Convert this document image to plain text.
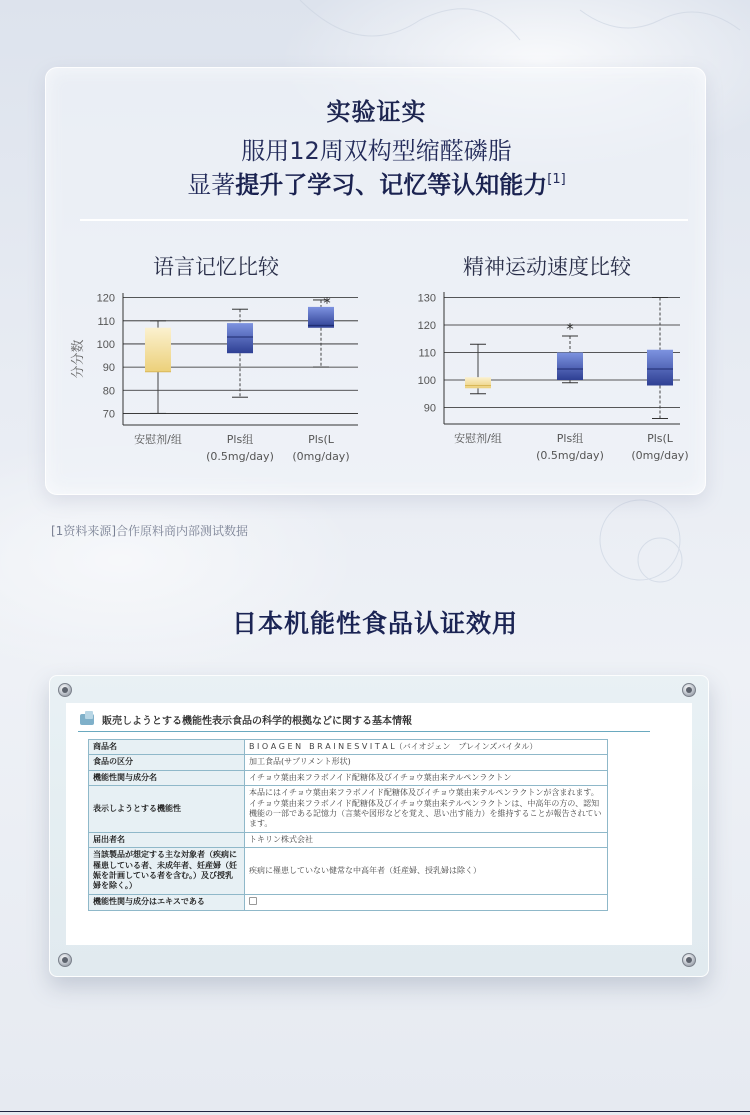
实验证实
服用12周双构型缩醛磷脂
显著提升了学习、记忆等认知能力[1]
语言记忆比较	精神运动速度比较
120
110
100
90
80
70
分分数
安慰剂/组	Pls组
(0.5mg/day)
Pls(L
(0mg/day)
*	130
120
110
100
90
安慰剂/组	Pls组
(0.5mg/day)
Pls(L
(0mg/day)
*
[1资料来源]合作原料商内部测试数据
日本机能性食品认证效用
販売しようとする機能性表示食品の科学的根拠などに関する基本情報
商品名	B I O A G E N　B R A I N E S V I T A L（バイオジェン　ブレインズバイタル）
食品の区分	加工食品(サプリメント形状)
機能性関与成分名	イチョウ葉由来フラボノイド配糖体及びイチョウ葉由来テルペンラクトン
表示しようとする機能性	本品にはイチョウ葉由来フラボノイド配糖体及びイチョウ葉由来テルペンラクトンが含まれます。イチョウ葉由来フラボノイド配糖体及びイチョウ葉由来テルペンラクトンは、中高年の方の、認知機能の一部である記憶力（言葉や図形などを覚え、思い出す能力）を維持することが報告されています。
届出者名	トキリン株式会社
当該製品が想定する主な対象者（疾病に罹患している者、未成年者、妊産婦（妊娠を計画している者を含む。）及び授乳婦を除く。）	疾病に罹患していない健常な中高年者（妊産婦、授乳婦は除く）
機能性関与成分はエキスである	
